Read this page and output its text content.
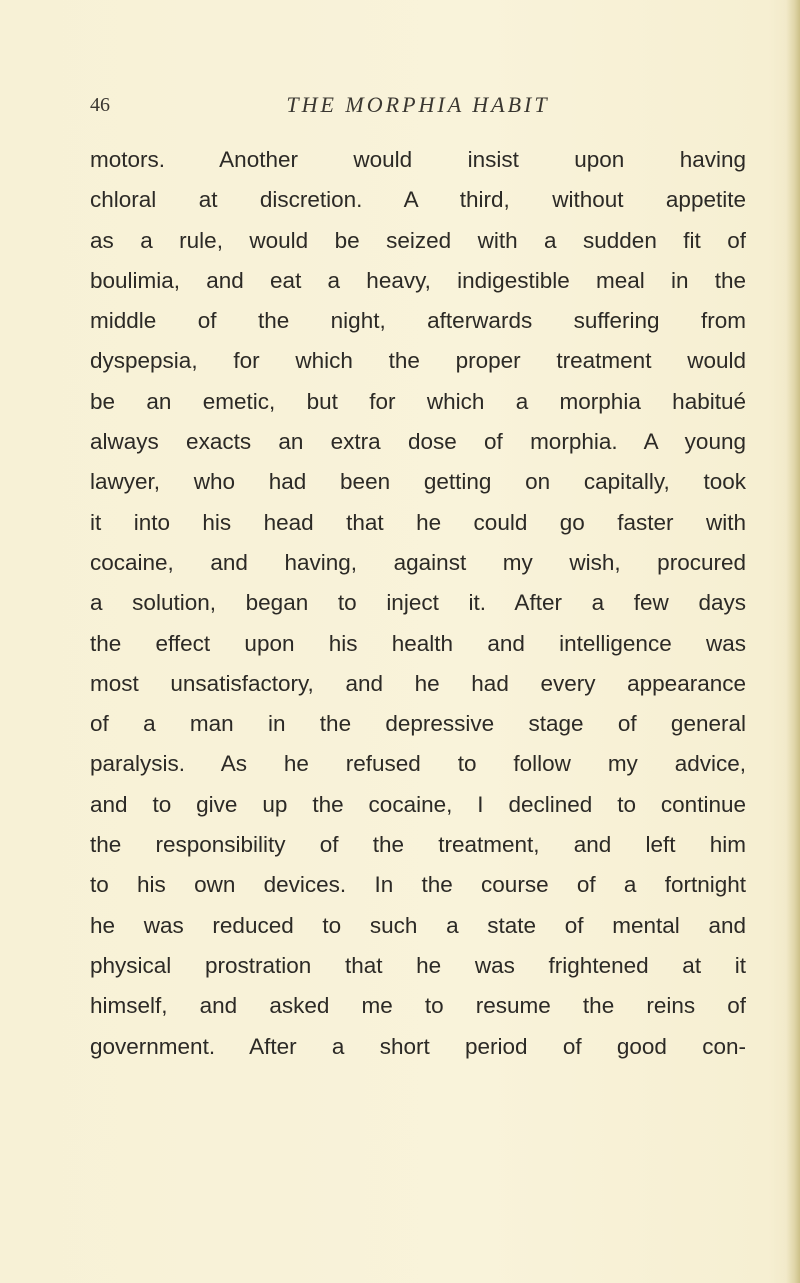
46	THE MORPHIA HABIT
motors. Another would insist upon having
chloral at discretion. A third, without appetite
as a rule, would be seized with a sudden fit of
boulimia, and eat a heavy, indigestible meal in the
middle of the night, afterwards suffering from
dyspepsia, for which the proper treatment would
be an emetic, but for which a morphia habitué
always exacts an extra dose of morphia. A young
lawyer, who had been getting on capitally, took
it into his head that he could go faster with
cocaine, and having, against my wish, procured
a solution, began to inject it. After a few days
the effect upon his health and intelligence was
most unsatisfactory, and he had every appearance
of a man in the depressive stage of general
paralysis. As he refused to follow my advice,
and to give up the cocaine, I declined to continue
the responsibility of the treatment, and left him
to his own devices. In the course of a fortnight
he was reduced to such a state of mental and
physical prostration that he was frightened at it
himself, and asked me to resume the reins of
government. After a short period of good con-
